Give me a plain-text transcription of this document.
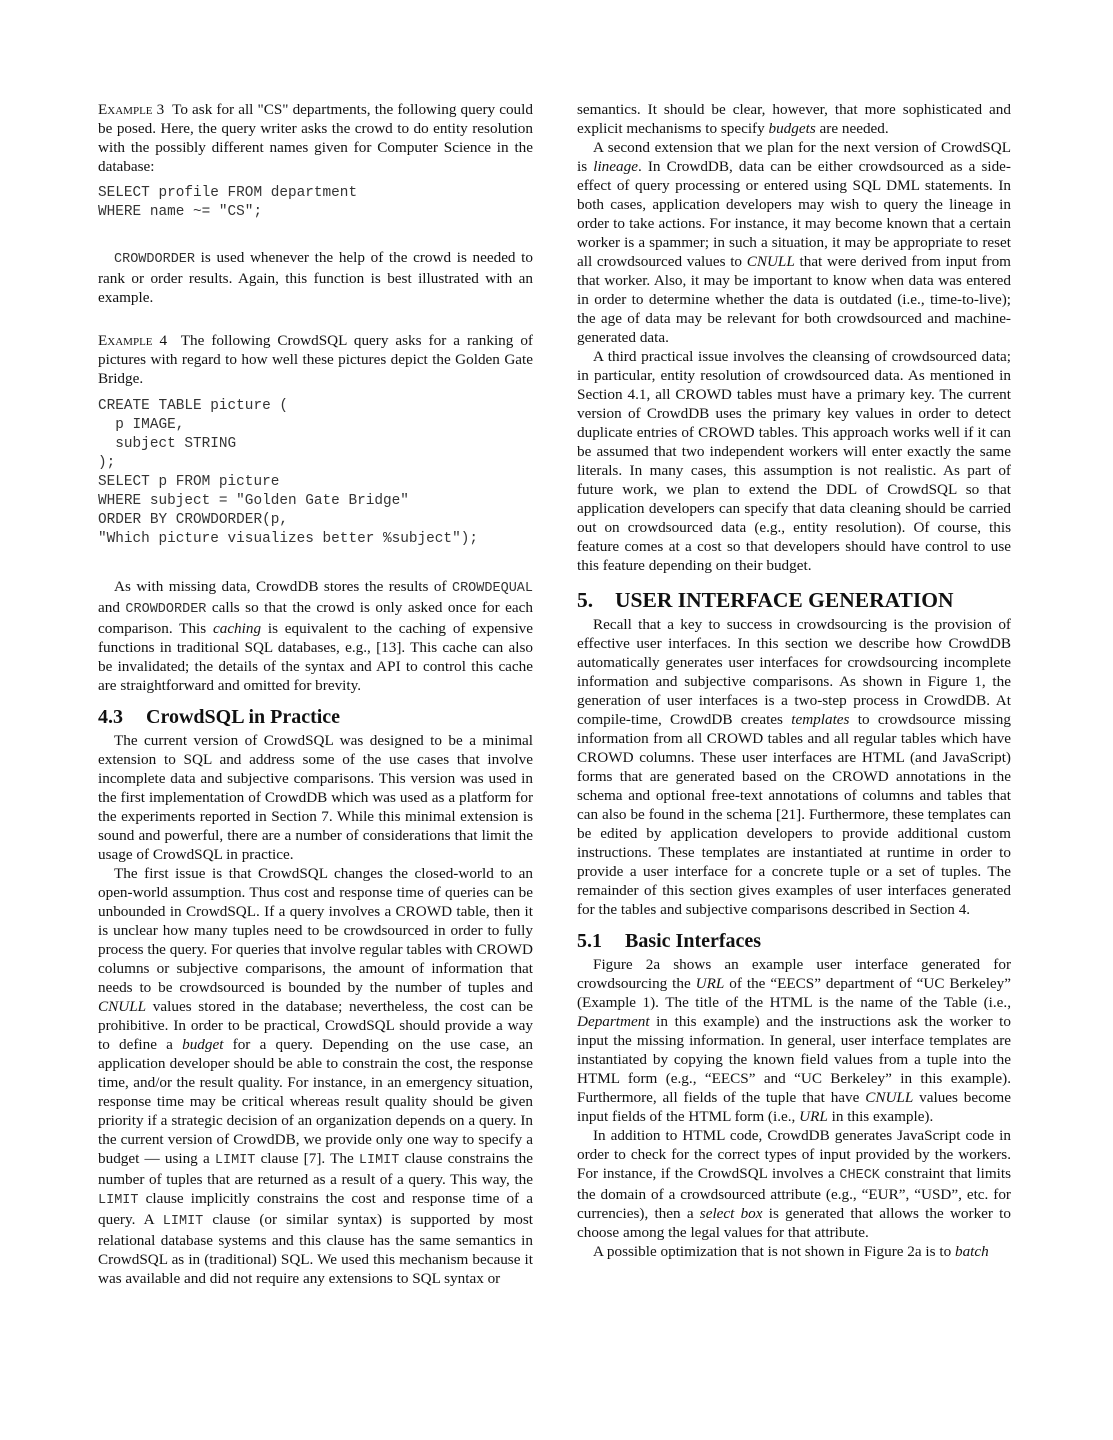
Example 3 To ask for all "CS" departments, the following query could be posed. Here, the query writer asks the crowd to do entity resolution with the possibly different names given for Computer Science in the database:

SELECT profile FROM department
WHERE name ~= "CS";

CROWDORDER is used whenever the help of the crowd is needed to rank or order results. Again, this function is best illustrated with an example.

Example 4 The following CrowdSQL query asks for a ranking of pictures with regard to how well these pictures depict the Golden Gate Bridge.

CREATE TABLE picture (
p IMAGE,
subject STRING
);
SELECT p FROM picture
WHERE subject = "Golden Gate Bridge"
ORDER BY CROWDORDER(p,
"Which picture visualizes better %subject");

As with missing data, CrowdDB stores the results of CROWDEQUAL and CROWDORDER calls so that the crowd is only asked once for each comparison. This caching is equivalent to the caching of expensive functions in traditional SQL databases, e.g., [13]. This cache can also be invalidated; the details of the syntax and API to control this cache are straightforward and omitted for brevity.

4.3 CrowdSQL in Practice

The current version of CrowdSQL was designed to be a minimal extension to SQL and address some of the use cases that involve incomplete data and subjective comparisons. This version was used in the first implementation of CrowdDB which was used as a platform for the experiments reported in Section 7. While this minimal extension is sound and powerful, there are a number of considerations that limit the usage of CrowdSQL in practice.

The first issue is that CrowdSQL changes the closed-world to an open-world assumption. Thus cost and response time of queries can be unbounded in CrowdSQL. If a query involves a CROWD table, then it is unclear how many tuples need to be crowdsourced in order to fully process the query. For queries that involve regular tables with CROWD columns or subjective comparisons, the amount of information that needs to be crowdsourced is bounded by the number of tuples and CNULL values stored in the database; nevertheless, the cost can be prohibitive. In order to be practical, CrowdSQL should provide a way to define a budget for a query. Depending on the use case, an application developer should be able to constrain the cost, the response time, and/or the result quality. For instance, in an emergency situation, response time may be critical whereas result quality should be given priority if a strategic decision of an organization depends on a query. In the current version of CrowdDB, we provide only one way to specify a budget — using a LIMIT clause [7]. The LIMIT clause constrains the number of tuples that are returned as a result of a query. This way, the LIMIT clause implicitly constrains the cost and response time of a query. A LIMIT clause (or similar syntax) is supported by most relational database systems and this clause has the same semantics in CrowdSQL as in (traditional) SQL. We used this mechanism because it was available and did not require any extensions to SQL syntax or

semantics. It should be clear, however, that more sophisticated and explicit mechanisms to specify budgets are needed.

A second extension that we plan for the next version of CrowdSQL is lineage. In CrowdDB, data can be either crowdsourced as a side-effect of query processing or entered using SQL DML statements. In both cases, application developers may wish to query the lineage in order to take actions. For instance, it may become known that a certain worker is a spammer; in such a situation, it may be appropriate to reset all crowdsourced values to CNULL that were derived from input from that worker. Also, it may be important to know when data was entered in order to determine whether the data is outdated (i.e., time-to-live); the age of data may be relevant for both crowdsourced and machine-generated data.

A third practical issue involves the cleansing of crowdsourced data; in particular, entity resolution of crowdsourced data. As mentioned in Section 4.1, all CROWD tables must have a primary key. The current version of CrowdDB uses the primary key values in order to detect duplicate entries of CROWD tables. This approach works well if it can be assumed that two independent workers will enter exactly the same literals. In many cases, this assumption is not realistic. As part of future work, we plan to extend the DDL of CrowdSQL so that application developers can specify that data cleaning should be carried out on crowdsourced data (e.g., entity resolution). Of course, this feature comes at a cost so that developers should have control to use this feature depending on their budget.

5. USER INTERFACE GENERATION

Recall that a key to success in crowdsourcing is the provision of effective user interfaces. In this section we describe how CrowdDB automatically generates user interfaces for crowdsourcing incomplete information and subjective comparisons. As shown in Figure 1, the generation of user interfaces is a two-step process in CrowdDB. At compile-time, CrowdDB creates templates to crowdsource missing information from all CROWD tables and all regular tables which have CROWD columns. These user interfaces are HTML (and JavaScript) forms that are generated based on the CROWD annotations in the schema and optional free-text annotations of columns and tables that can also be found in the schema [21]. Furthermore, these templates can be edited by application developers to provide additional custom instructions. These templates are instantiated at runtime in order to provide a user interface for a concrete tuple or a set of tuples. The remainder of this section gives examples of user interfaces generated for the tables and subjective comparisons described in Section 4.

5.1 Basic Interfaces

Figure 2a shows an example user interface generated for crowdsourcing the URL of the “EECS” department of “UC Berkeley” (Example 1). The title of the HTML is the name of the Table (i.e., Department in this example) and the instructions ask the worker to input the missing information. In general, user interface templates are instantiated by copying the known field values from a tuple into the HTML form (e.g., “EECS” and “UC Berkeley” in this example). Furthermore, all fields of the tuple that have CNULL values become input fields of the HTML form (i.e., URL in this example).

In addition to HTML code, CrowdDB generates JavaScript code in order to check for the correct types of input provided by the workers. For instance, if the CrowdSQL involves a CHECK constraint that limits the domain of a crowdsourced attribute (e.g., “EUR”, “USD”, etc. for currencies), then a select box is generated that allows the worker to choose among the legal values for that attribute.

A possible optimization that is not shown in Figure 2a is to batch
